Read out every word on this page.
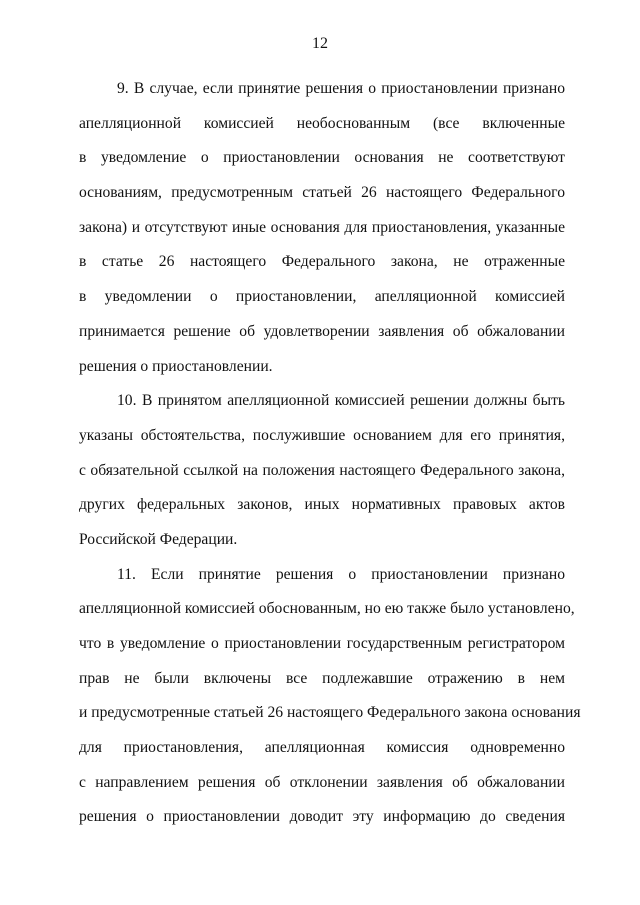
12
9. В случае, если принятие решения о приостановлении признано
апелляционной комиссией необоснованным (все включенные
в уведомление о приостановлении основания не соответствуют
основаниям, предусмотренным статьей 26 настоящего Федерального
закона) и отсутствуют иные основания для приостановления, указанные
в статье 26 настоящего Федерального закона, не отраженные
в уведомлении о приостановлении, апелляционной комиссией
принимается решение об удовлетворении заявления об обжаловании
решения о приостановлении.
10. В принятом апелляционной комиссией решении должны быть
указаны обстоятельства, послужившие основанием для его принятия,
с обязательной ссылкой на положения настоящего Федерального закона,
других федеральных законов, иных нормативных правовых актов
Российской Федерации.
11. Если принятие решения о приостановлении признано
апелляционной комиссией обоснованным, но ею также было установлено,
что в уведомление о приостановлении государственным регистратором
прав не были включены все подлежавшие отражению в нем
и предусмотренные статьей 26 настоящего Федерального закона основания
для приостановления, апелляционная комиссия одновременно
с направлением решения об отклонении заявления об обжаловании
решения о приостановлении доводит эту информацию до сведения
